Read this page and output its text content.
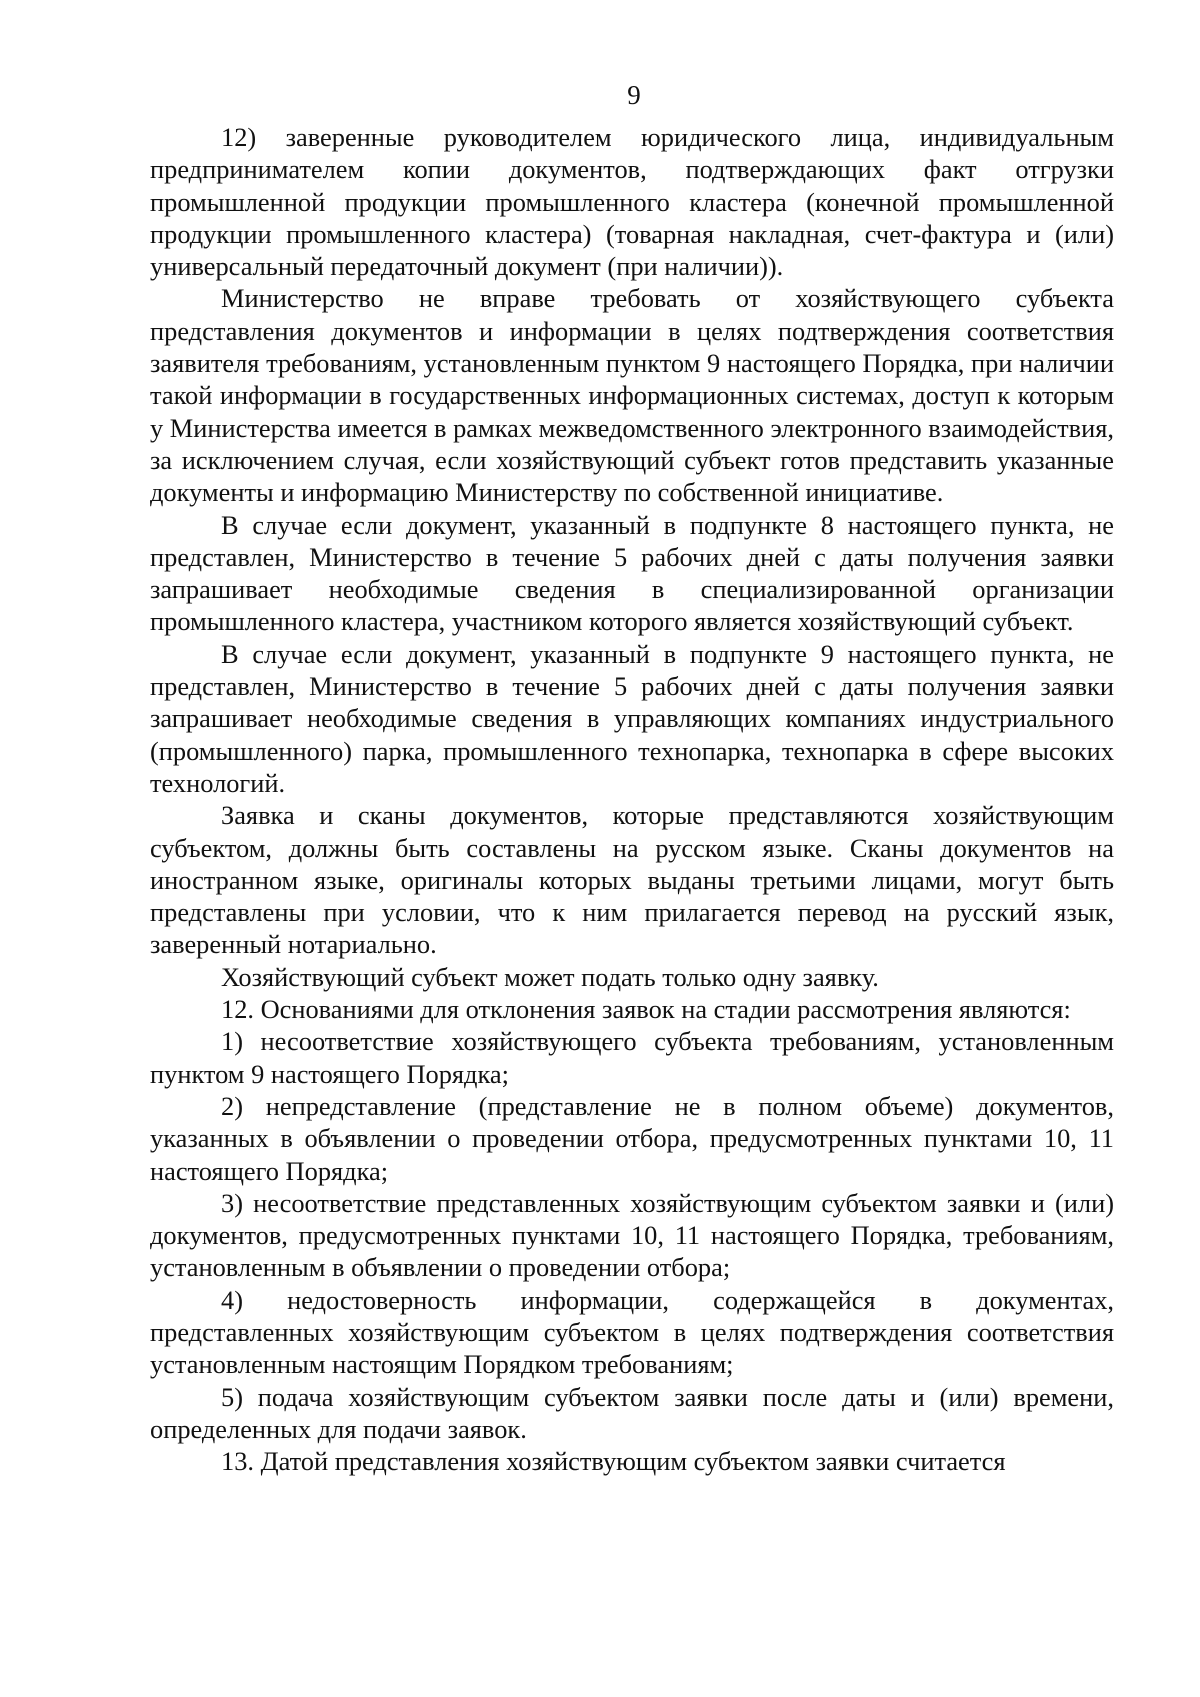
9

12) заверенные руководителем юридического лица, индивидуальным предпринимателем копии документов, подтверждающих факт отгрузки промышленной продукции промышленного кластера (конечной промышленной продукции промышленного кластера) (товарная накладная, счет-фактура и (или) универсальный передаточный документ (при наличии)).

Министерство не вправе требовать от хозяйствующего субъекта представления документов и информации в целях подтверждения соответствия заявителя требованиям, установленным пунктом 9 настоящего Порядка, при наличии такой информации в государственных информационных системах, доступ к которым у Министерства имеется в рамках межведомственного электронного взаимодействия, за исключением случая, если хозяйствующий субъект готов представить указанные документы и информацию Министерству по собственной инициативе.

В случае если документ, указанный в подпункте 8 настоящего пункта, не представлен, Министерство в течение 5 рабочих дней с даты получения заявки запрашивает необходимые сведения в специализированной организации промышленного кластера, участником которого является хозяйствующий субъект.

В случае если документ, указанный в подпункте 9 настоящего пункта, не представлен, Министерство в течение 5 рабочих дней с даты получения заявки запрашивает необходимые сведения в управляющих компаниях индустриального (промышленного) парка, промышленного технопарка, технопарка в сфере высоких технологий.

Заявка и сканы документов, которые представляются хозяйствующим субъектом, должны быть составлены на русском языке. Сканы документов на иностранном языке, оригиналы которых выданы третьими лицами, могут быть представлены при условии, что к ним прилагается перевод на русский язык, заверенный нотариально.

Хозяйствующий субъект может подать только одну заявку.

12. Основаниями для отклонения заявок на стадии рассмотрения являются:

1) несоответствие хозяйствующего субъекта требованиям, установленным пунктом 9 настоящего Порядка;

2) непредставление (представление не в полном объеме) документов, указанных в объявлении о проведении отбора, предусмотренных пунктами 10, 11 настоящего Порядка;

3) несоответствие представленных хозяйствующим субъектом заявки и (или) документов, предусмотренных пунктами 10, 11 настоящего Порядка, требованиям, установленным в объявлении о проведении отбора;

4) недостоверность информации, содержащейся в документах, представленных хозяйствующим субъектом в целях подтверждения соответствия установленным настоящим Порядком требованиям;

5) подача хозяйствующим субъектом заявки после даты и (или) времени, определенных для подачи заявок.

13. Датой представления хозяйствующим субъектом заявки считается
